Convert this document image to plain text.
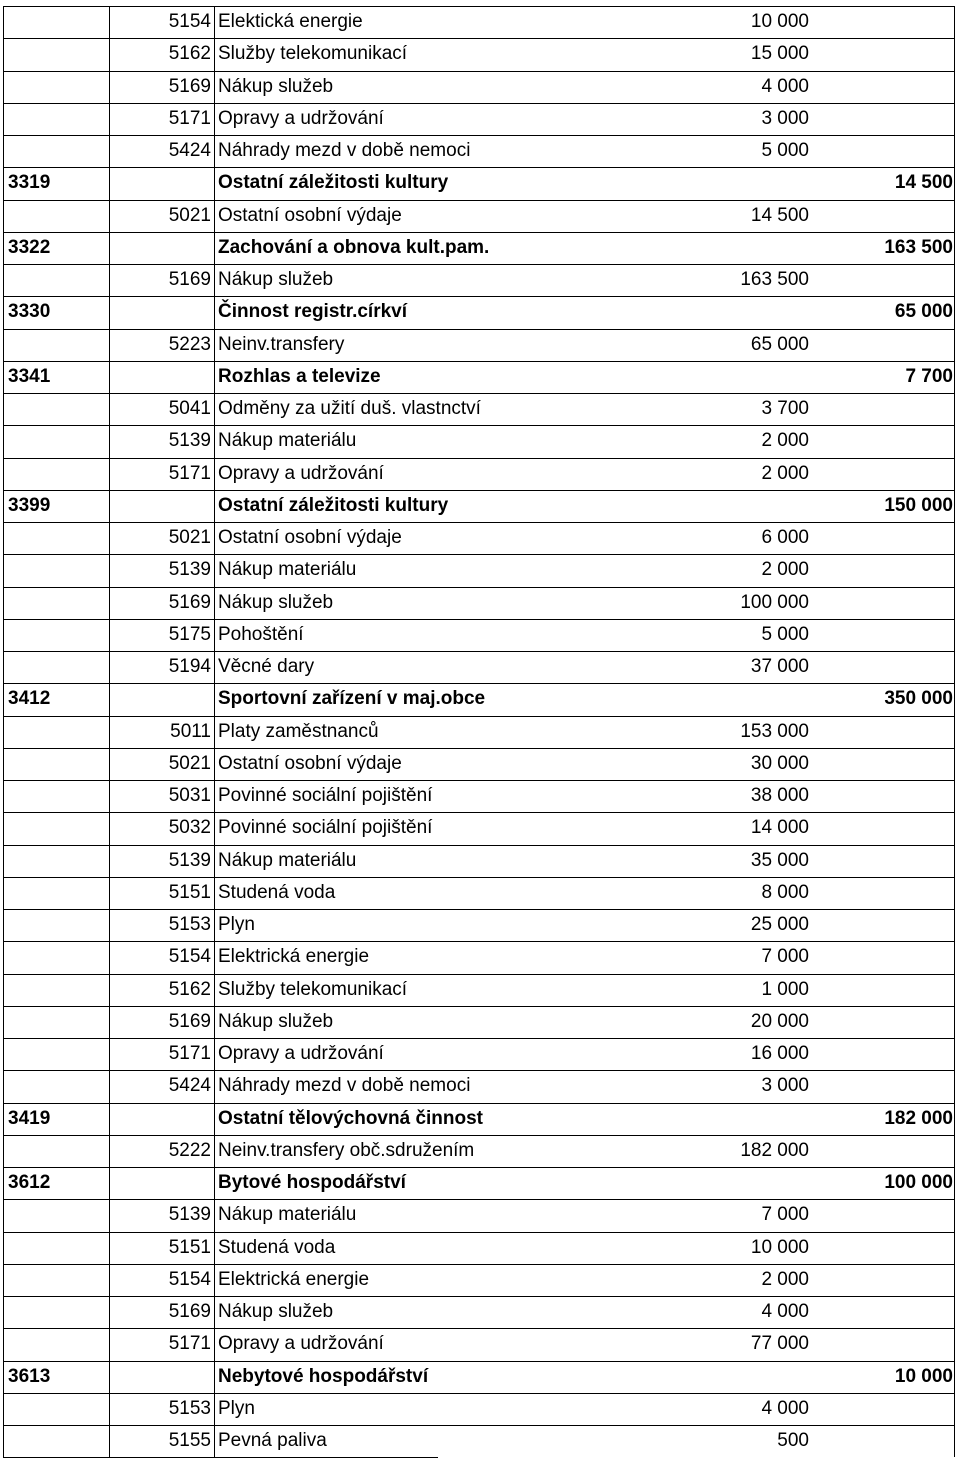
5154 Elektická energie	10 000
5162 Služby telekomunikací	15 000
5169 Nákup služeb	4 000
5171 Opravy a udržování	3 000
5424 Náhrady mezd v době nemoci	5 000
3319	Ostatní záležitosti kultury	14 500
5021 Ostatní osobní výdaje	14 500
3322	Zachování a obnova kult.pam.	163 500
5169 Nákup služeb	163 500
3330	Činnost registr.církví	65 000
5223 Neinv.transfery	65 000
3341	Rozhlas a televize	7 700
5041 Odměny za užití duš. vlastnctví	3 700
5139 Nákup materiálu	2 000
5171 Opravy a udržování	2 000
3399	Ostatní záležitosti kultury	150 000
5021 Ostatní osobní výdaje	6 000
5139 Nákup materiálu	2 000
5169 Nákup služeb	100 000
5175 Pohoštění	5 000
5194 Věcné dary	37 000
3412	Sportovní zařízení v maj.obce	350 000
5011 Platy zaměstnanců	153 000
5021 Ostatní osobní výdaje	30 000
5031 Povinné sociální pojištění	38 000
5032 Povinné sociální pojištění	14 000
5139 Nákup materiálu	35 000
5151 Studená voda	8 000
5153 Plyn	25 000
5154 Elektrická energie	7 000
5162 Služby telekomunikací	1 000
5169 Nákup služeb	20 000
5171 Opravy a udržování	16 000
5424 Náhrady mezd v době nemoci	3 000
3419	Ostatní tělovýchovná činnost	182 000
5222 Neinv.transfery obč.sdružením	182 000
3612	Bytové hospodářství	100 000
5139 Nákup materiálu	7 000
5151 Studená voda	10 000
5154 Elektrická energie	2 000
5169 Nákup služeb	4 000
5171 Opravy a udržování	77 000
3613	Nebytové hospodářství	10 000
5153 Plyn	4 000
5155 Pevná paliva	500
